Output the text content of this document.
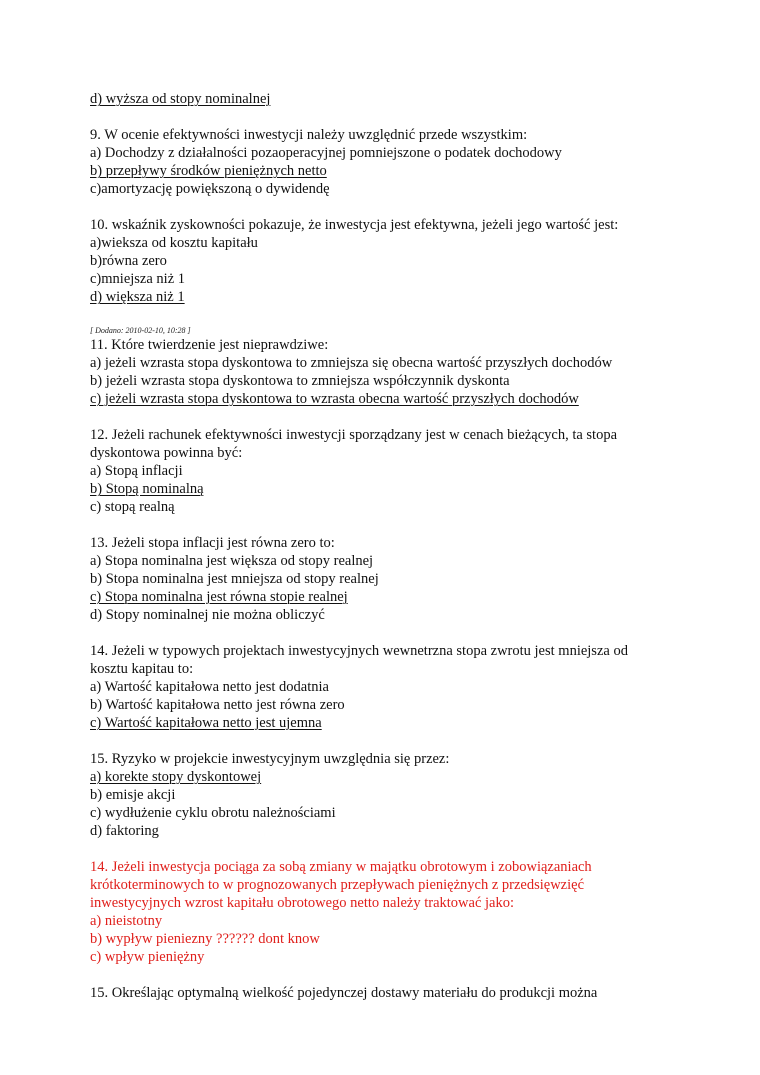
d) wyższa od stopy nominalnej
9. W ocenie efektywności inwestycji należy uwzględnić przede wszystkim:
a) Dochodzy z działalności pozaoperacyjnej pomniejszone o podatek dochodowy
b) przepływy środków pieniężnych netto
c)amortyzację powiększoną o dywidendę
10. wskaźnik zyskowności pokazuje, że inwestycja jest efektywna, jeżeli jego wartość jest:
a)wieksza od kosztu kapitału
b)równa zero
c)mniejsza niż 1
d) większa niż 1
[ Dodano: 2010-02-10, 10:28 ]
11. Które twierdzenie jest nieprawdziwe:
a) jeżeli wzrasta stopa dyskontowa to zmniejsza się obecna wartość przyszłych dochodów
b) jeżeli wzrasta stopa dyskontowa to zmniejsza współczynnik dyskonta
c) jeżeli wzrasta stopa dyskontowa to wzrasta obecna wartość przyszłych dochodów
12. Jeżeli rachunek efektywności inwestycji sporządzany jest w cenach bieżących, ta stopa
dyskontowa powinna być:
a) Stopą inflacji
b) Stopą nominalną
c) stopą realną
13. Jeżeli stopa inflacji jest równa zero to:
a) Stopa nominalna jest większa od stopy realnej
b) Stopa nominalna jest mniejsza od stopy realnej
c) Stopa nominalna jest równa stopie realnej
d) Stopy nominalnej nie można obliczyć
14. Jeżeli w typowych projektach inwestycyjnych wewnetrzna stopa zwrotu jest mniejsza od
kosztu kapitau to:
a) Wartość kapitałowa netto jest dodatnia
b) Wartość kapitałowa netto jest równa zero
c) Wartość kapitałowa netto jest ujemna
15. Ryzyko w projekcie inwestycyjnym uwzględnia się przez:
a) korekte stopy dyskontowej
b) emisje akcji
c) wydłużenie cyklu obrotu należnościami
d) faktoring
14. Jeżeli inwestycja pociąga za sobą zmiany w majątku obrotowym i zobowiązaniach
krótkoterminowych to w prognozowanych przepływach pieniężnych z przedsięwzięć
inwestycyjnych wzrost kapitału obrotowego netto należy traktować jako:
a) nieistotny
b) wypływ pieniezny ?????? dont know
c) wpływ pieniężny
15. Określając optymalną wielkość pojedynczej dostawy materiału do produkcji można
